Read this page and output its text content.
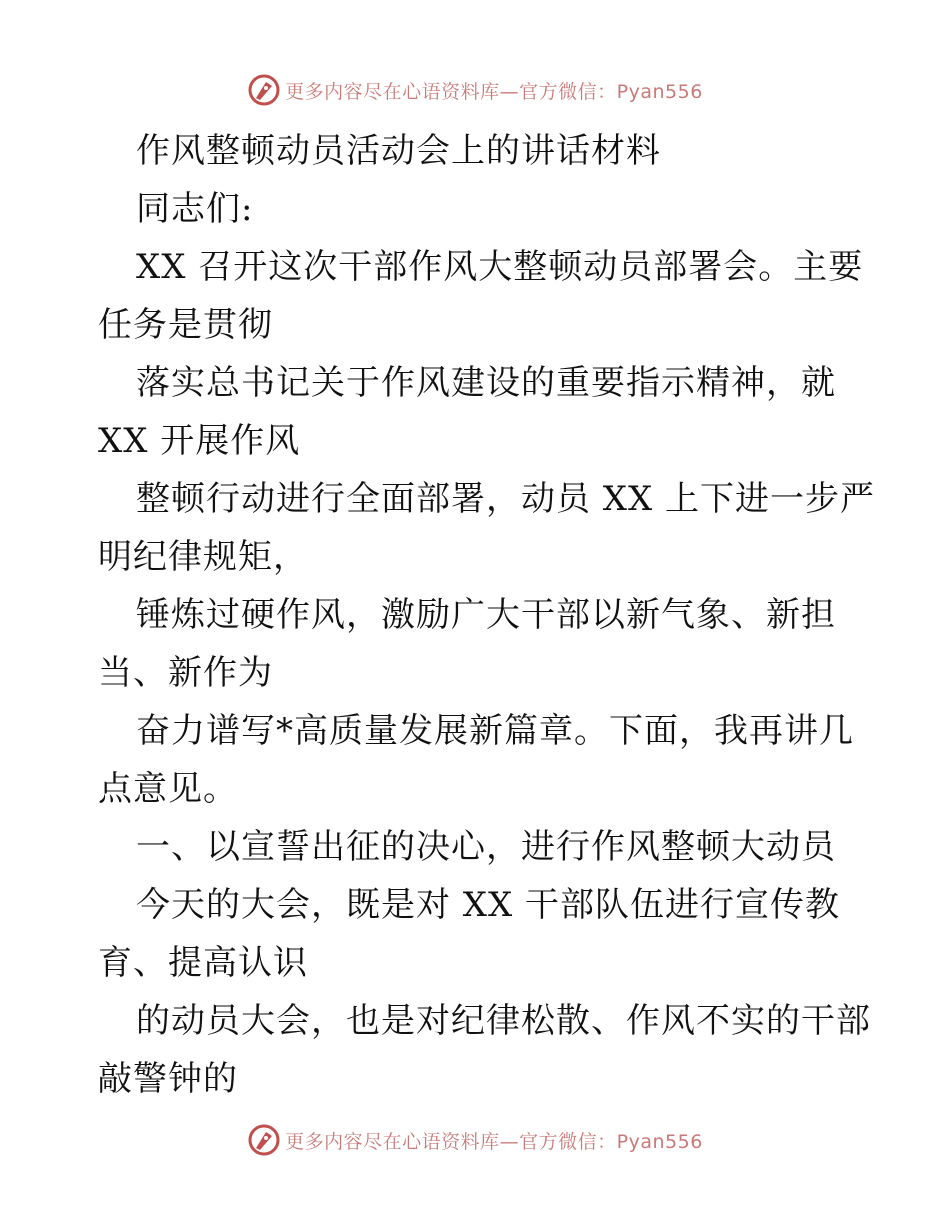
更多内容尽在心语资料库—官方微信：Pyan556
作风整顿动员活动会上的讲话材料
同志们:
XX 召开这次干部作风大整顿动员部署会。主要
任务是贯彻
落实总书记关于作风建设的重要指示精神，就
XX 开展作风
整顿行动进行全面部署，动员 XX 上下进一步严
明纪律规矩，
锤炼过硬作风，激励广大干部以新气象、新担
当、新作为
奋力谱写*高质量发展新篇章。下面，我再讲几
点意见。
一、以宣誓出征的决心，进行作风整顿大动员
今天的大会，既是对 XX 干部队伍进行宣传教
育、提高认识
的动员大会，也是对纪律松散、作风不实的干部
敲警钟的
更多内容尽在心语资料库—官方微信：Pyan556
